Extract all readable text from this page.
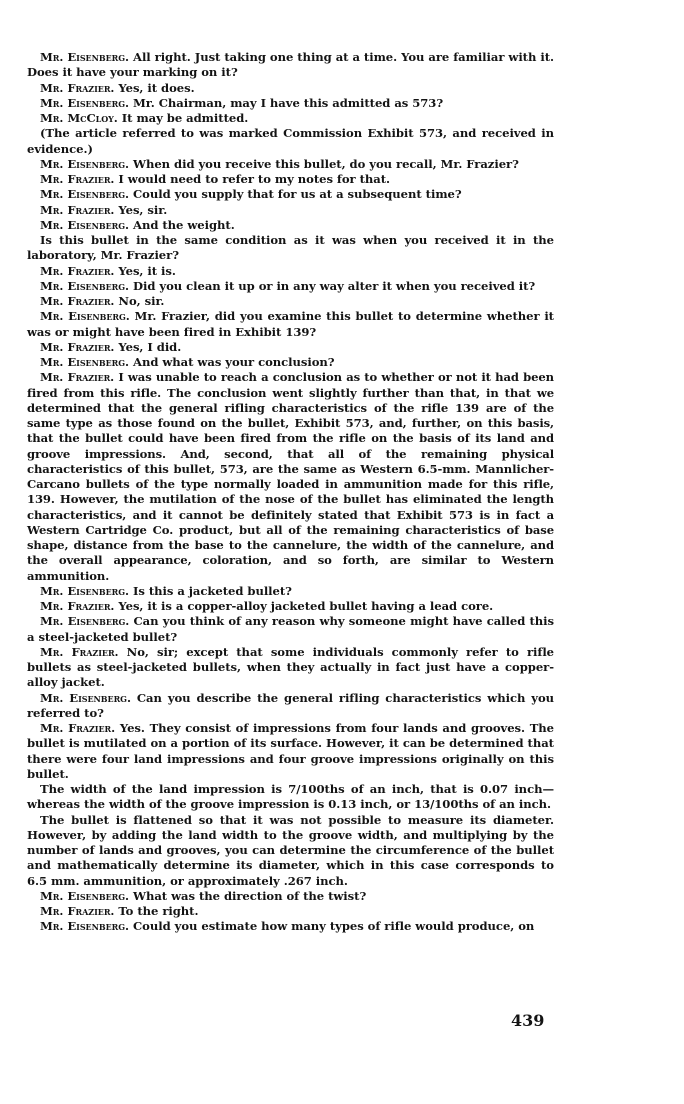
Mr. Eisenberg. All right. Just taking one thing at a time. You are familiar with it. Does it have your marking on it?

Mr. Frazier. Yes, it does.

Mr. Eisenberg. Mr. Chairman, may I have this admitted as 573?

Mr. McCloy. It may be admitted.

(The article referred to was marked Commission Exhibit 573, and received in evidence.)

Mr. Eisenberg. When did you receive this bullet, do you recall, Mr. Frazier?

Mr. Frazier. I would need to refer to my notes for that.

Mr. Eisenberg. Could you supply that for us at a subsequent time?

Mr. Frazier. Yes, sir.

Mr. Eisenberg. And the weight.

Is this bullet in the same condition as it was when you received it in the laboratory, Mr. Frazier?

Mr. Frazier. Yes, it is.

Mr. Eisenberg. Did you clean it up or in any way alter it when you received it?

Mr. Frazier. No, sir.

Mr. Eisenberg. Mr. Frazier, did you examine this bullet to determine whether it was or might have been fired in Exhibit 139?

Mr. Frazier. Yes, I did.

Mr. Eisenberg. And what was your conclusion?

Mr. Frazier. I was unable to reach a conclusion as to whether or not it had been fired from this rifle. The conclusion went slightly further than that, in that we determined that the general rifling characteristics of the rifle 139 are of the same type as those found on the bullet, Exhibit 573, and, further, on this basis, that the bullet could have been fired from the rifle on the basis of its land and groove impressions. And, second, that all of the remaining physical characteristics of this bullet, 573, are the same as Western 6.5-mm. Mannlicher-Carcano bullets of the type normally loaded in ammunition made for this rifle, 139. However, the mutilation of the nose of the bullet has eliminated the length characteristics, and it cannot be definitely stated that Exhibit 573 is in fact a Western Cartridge Co. product, but all of the remaining characteristics of base shape, distance from the base to the cannelure, the width of the cannelure, and the overall appearance, coloration, and so forth, are similar to Western ammunition.

Mr. Eisenberg. Is this a jacketed bullet?

Mr. Frazier. Yes, it is a copper-alloy jacketed bullet having a lead core.

Mr. Eisenberg. Can you think of any reason why someone might have called this a steel-jacketed bullet?

Mr. Frazier. No, sir; except that some individuals commonly refer to rifle bullets as steel-jacketed bullets, when they actually in fact just have a copper-alloy jacket.

Mr. Eisenberg. Can you describe the general rifling characteristics which you referred to?

Mr. Frazier. Yes. They consist of impressions from four lands and grooves. The bullet is mutilated on a portion of its surface. However, it can be determined that there were four land impressions and four groove impressions originally on this bullet.

The width of the land impression is 7/100ths of an inch, that is 0.07 inch—whereas the width of the groove impression is 0.13 inch, or 13/100ths of an inch.

The bullet is flattened so that it was not possible to measure its diameter. However, by adding the land width to the groove width, and multiplying by the number of lands and grooves, you can determine the circumference of the bullet and mathematically determine its diameter, which in this case corresponds to 6.5 mm. ammunition, or approximately .267 inch.

Mr. Eisenberg. What was the direction of the twist?

Mr. Frazier. To the right.

Mr. Eisenberg. Could you estimate how many types of rifle would produce, on

439
